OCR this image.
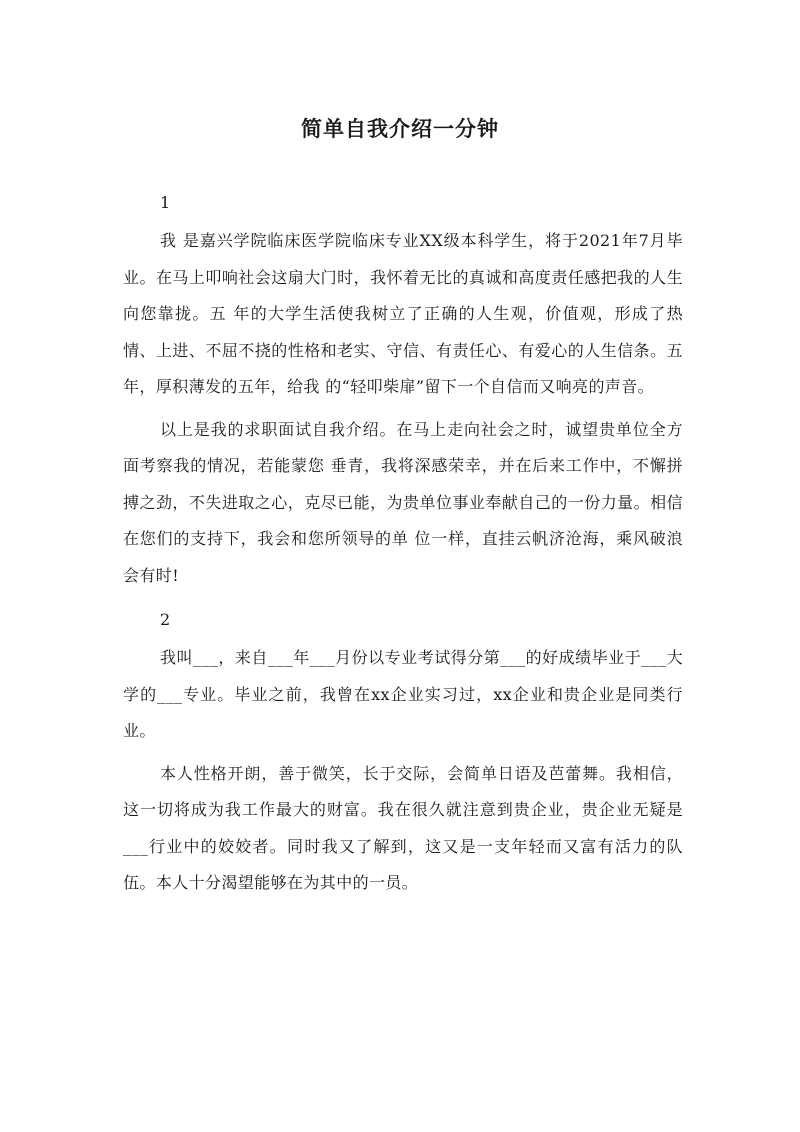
简单自我介绍一分钟

1

我 是嘉兴学院临床医学院临床专业XX级本科学生，将于2021年7月毕业。在马上叩响社会这扇大门时，我怀着无比的真诚和高度责任感把我的人生向您靠拢。五 年的大学生活使我树立了正确的人生观，价值观，形成了热情、上进、不屈不挠的性格和老实、守信、有责任心、有爱心的人生信条。五年，厚积薄发的五年，给我 的“轻叩柴扉”留下一个自信而又响亮的声音。

以上是我的求职面试自我介绍。在马上走向社会之时，诚望贵单位全方面考察我的情况，若能蒙您 垂青，我将深感荣幸，并在后来工作中，不懈拼搏之劲，不失进取之心，克尽已能，为贵单位事业奉献自己的一份力量。相信在您们的支持下，我会和您所领导的单 位一样，直挂云帆济沧海，乘风破浪会有时!

2

我叫___，来自___年___月份以专业考试得分第___的好成绩毕业于___大学的___专业。毕业之前，我曾在xx企业实习过，xx企业和贵企业是同类行业。

本人性格开朗，善于微笑，长于交际，会简单日语及芭蕾舞。我相信，这一切将成为我工作最大的财富。我在很久就注意到贵企业，贵企业无疑是___行业中的姣姣者。同时我又了解到，这又是一支年轻而又富有活力的队伍。本人十分渴望能够在为其中的一员。
